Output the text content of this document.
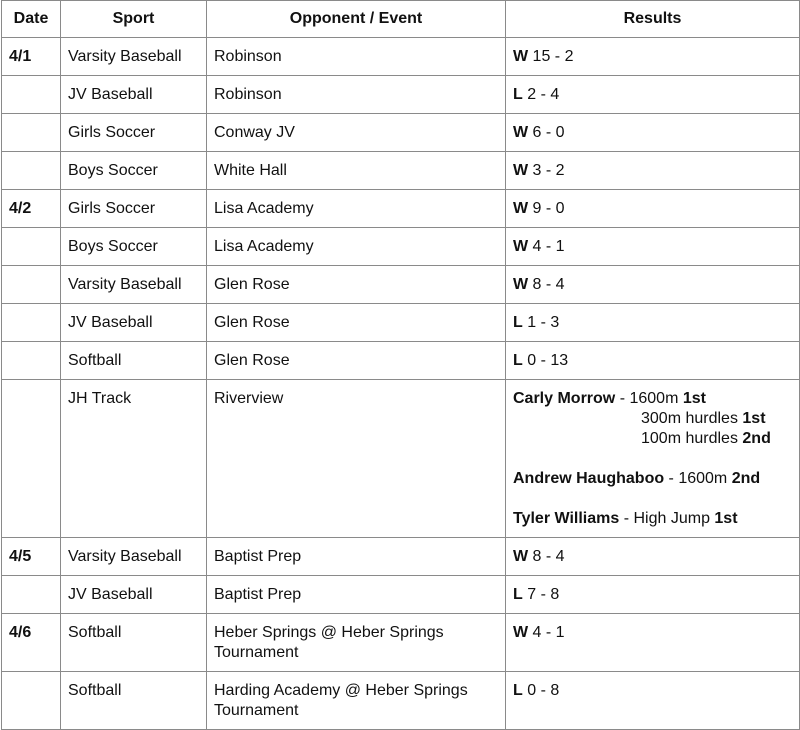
Date	Sport	Opponent / Event	Results
4/1	Varsity Baseball	Robinson	W 15 - 2
	JV Baseball	Robinson	L 2 - 4
	Girls Soccer	Conway JV	W 6 - 0
	Boys Soccer	White Hall	W 3 - 2
4/2	Girls Soccer	Lisa Academy	W 9 - 0
	Boys Soccer	Lisa Academy	W 4 - 1
	Varsity Baseball	Glen Rose	W 8 - 4
	JV Baseball	Glen Rose	L 1 - 3
	Softball	Glen Rose	L 0 - 13
	JH Track	Riverview	Carly Morrow - 1600m 1st
300m hurdles 1st
100m hurdles 2nd
Andrew Haughaboo - 1600m 2nd
Tyler Williams - High Jump 1st

4/5	Varsity Baseball	Baptist Prep	W 8 - 4
	JV Baseball	Baptist Prep	L 7 - 8
4/6	Softball	Heber Springs @ Heber Springs Tournament	W 4 - 1
	Softball	Harding Academy @ Heber Springs Tournament	L 0 - 8
